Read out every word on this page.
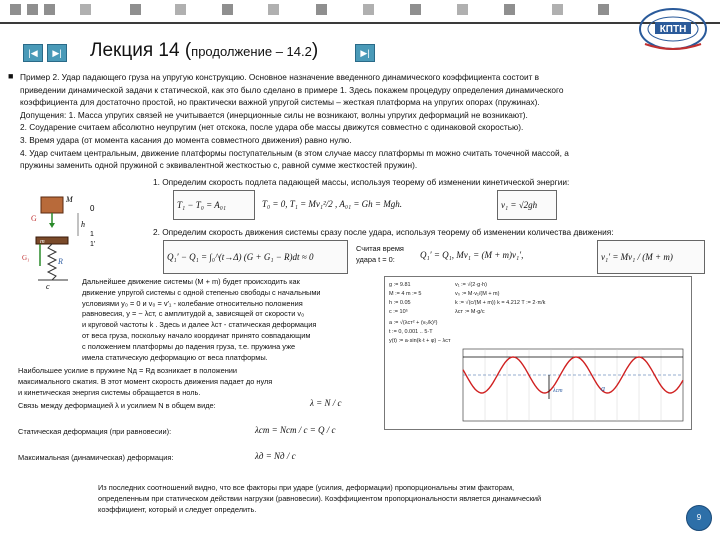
КПТН
|◀	▶| Лекция 14 (продолжение – 14.2)	▶|
■ Пример 2. Удар падающего груза на упругую конструкцию. Основное назначение введенного динамического коэффициента состоит в

приведении динамической задачи к статической, как это было сделано в примере 1. Здесь покажем процедуру определения динамического

коэффициента для достаточно простой, но практически важной упругой системы – жесткая платформа на упругих опорах (пружинах).

Допущения: 1. Масса упругих связей не учитывается (инерционные силы не возникают, волны упругих деформаций не возникают).

2. Соударение считаем абсолютно неупругим (нет отскока, после удара обе массы движутся совместно с одинаковой скоростью).

3. Время удара (от момента касания до момента совместного движения) равно нулю.

4. Удар считаем центральным, движение платформы поступательным (в этом случае массу платформы m можно считать точечной массой, а

пружины заменить одной пружиной с эквивалентной жесткостью c, равной сумме жесткостей пружин).

1. Определим скорость подлета падающей массы, используя теорему об изменении кинетической энергии:
T₁ − T₀ = A₀₁	T₀ = 0, T₁ = Mv₁²/2 , A₀₁ = Gh = Mgh.	v₁ = √2gh
2. Определим скорость движения системы сразу после удара, используя теорему об изменении количества движения:
Q₁′ − Q₁ = ∫₀^(t→Δ) (G + G₁ − R)dt ≈ 0
Считая время удара t = 0:	Q₁′ = Q₁, Mv₁ = (M + m)v₁′,	v₁′ = Mv₁ / (M + m)
M
G
0
h
1
1'
m
G₁	R
c
Дальнейшее движение системы (M + m) будет происходить как
движение упругой системы с одной степенью свободы с начальными
условиями y₀ = 0 и v₀ = v′₁ - колебание относительно положения
равновесия, y = − λст, с амплитудой a, зависящей от скорости v₀
и круговой частоты k . Здесь и далее λст - статическая деформация
от веса груза, поскольку начало координат принято совпадающим
с положением платформы до падения груза, т.е. пружина уже
имела статическую деформацию от веса платформы.
Наибольшее усилие в пружине Nд = Rд возникает в положении
максимального сжатия. В этот момент скорость движения падает до нуля
и кинетическая энергия системы обращается в ноль.
Связь между деформацией λ и усилием N в общем виде:	λ = N / c
Статическая деформация (при равновесии):	λст = Nст / c = Q / c
Максимальная (динамическая) деформация:	λд = Nд / c
Из последних соотношений видно, что все факторы при ударе (усилия, деформации) пропорциональны этим факторам,
определенным при статическом действии нагрузки (равновесии). Коэффициентом пропорциональности является динамический
коэффициент, который и следует определить.
g := 9.81
M := 4 m := 5
h := 0.05
c := 10⁵
v₁ := √(2·g·h)
v₀ := M·v₁/(M + m)
k := √(c/(M + m)) k = 4.212 T := 2·π/k
λст := M·g/c
a := √(λст² + (v₀/k)²)
t := 0, 0.001 .. 5·T
y(t) := a·sin(k·t + φ) − λст
a
λст
9
